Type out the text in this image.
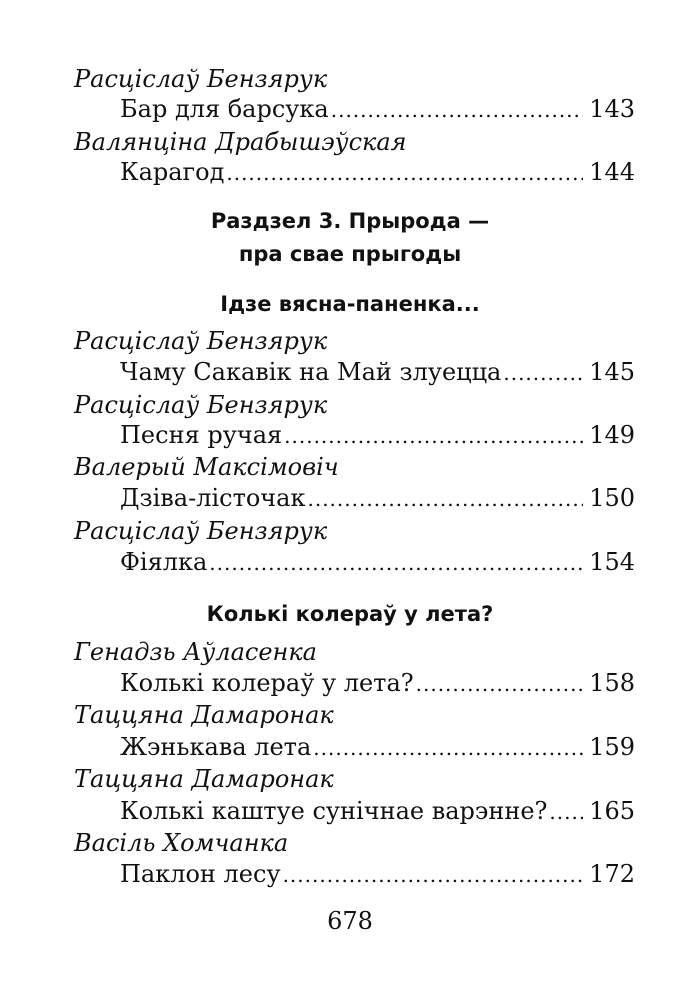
Расціслаў Бензярук
Бар для барсука .....	143
Валянціна Драбышэўская
Карагод .....	144
Раздзел 3. Прырода —
пра свае прыгоды
Ідзе вясна-паненка...
Расціслаў Бензярук
Чаму Сакавік на Май злуецца .....	145
Расціслаў Бензярук
Песня ручая .....	149
Валерый Максімовіч
Дзіва-лісточак .....	150
Расціслаў Бензярук
Фіялка .....	154
Колькі колераў у лета?
Генадзь Аўласенка
Колькі колераў у лета? .....	158
Таццяна Дамаронак
Жэнькава лета .....	159
Таццяна Дамаронак
Колькі каштуе сунічнае варэнне? ..... 165
Васіль Хомчанка
Паклон лесу .....	172
678
